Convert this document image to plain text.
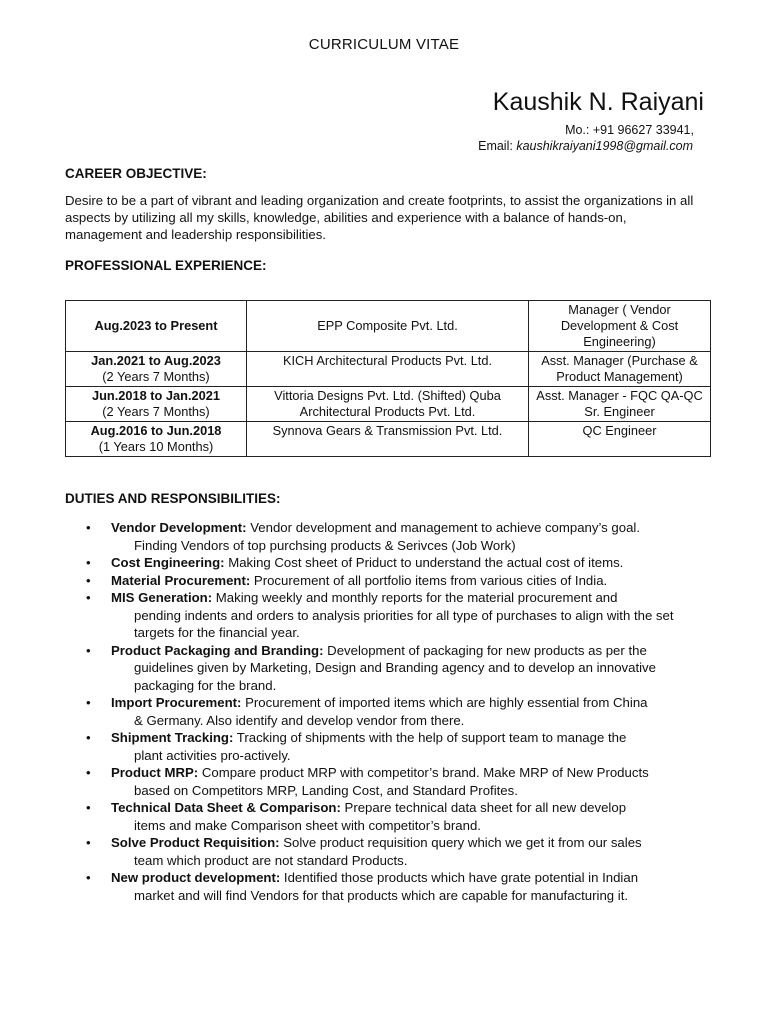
CURRICULUM VITAE
Kaushik N. Raiyani
Mo.: +91 96627 33941,
Email: kaushikraiyani1998@gmail.com
CAREER OBJECTIVE:
Desire to be a part of vibrant and leading organization and create footprints, to assist the organizations in all aspects by utilizing all my skills, knowledge, abilities and experience with a balance of hands-on, management and leadership responsibilities.
PROFESSIONAL EXPERIENCE:
Aug.2023 to Present	EPP Composite Pvt. Ltd.	Manager ( Vendor Development & Cost Engineering)
Jan.2021 to Aug.2023
(2 Years 7 Months)	KICH Architectural Products Pvt. Ltd.	Asst. Manager (Purchase & Product Management)
Jun.2018 to Jan.2021
(2 Years 7 Months)	Vittoria Designs Pvt. Ltd. (Shifted) Quba Architectural Products Pvt. Ltd.	Asst. Manager - FQC QA-QC Sr. Engineer
Aug.2016 to Jun.2018
(1 Years 10 Months)	Synnova Gears & Transmission Pvt. Ltd.	QC Engineer
DUTIES AND RESPONSIBILITIES:
• Vendor Development: Vendor development and management to achieve company’s goal.
Finding Vendors of top purchsing products & Serivces (Job Work)
• Cost Engineering: Making Cost sheet of Priduct to understand the actual cost of items.
• Material Procurement: Procurement of all portfolio items from various cities of India.
• MIS Generation: Making weekly and monthly reports for the material procurement and
pending indents and orders to analysis priorities for all type of purchases to align with the set targets for the financial year.
• Product Packaging and Branding: Development of packaging for new products as per the
guidelines given by Marketing, Design and Branding agency and to develop an innovative packaging for the brand.
• Import Procurement: Procurement of imported items which are highly essential from China
& Germany. Also identify and develop vendor from there.
• Shipment Tracking: Tracking of shipments with the help of support team to manage the
plant activities pro-actively.
• Product MRP: Compare product MRP with competitor’s brand. Make MRP of New Products
based on Competitors MRP, Landing Cost, and Standard Profites.
• Technical Data Sheet & Comparison: Prepare technical data sheet for all new develop
items and make Comparison sheet with competitor’s brand.
• Solve Product Requisition: Solve product requisition query which we get it from our sales
team which product are not standard Products.
• New product development: Identified those products which have grate potential in Indian
market and will find Vendors for that products which are capable for manufacturing it.
